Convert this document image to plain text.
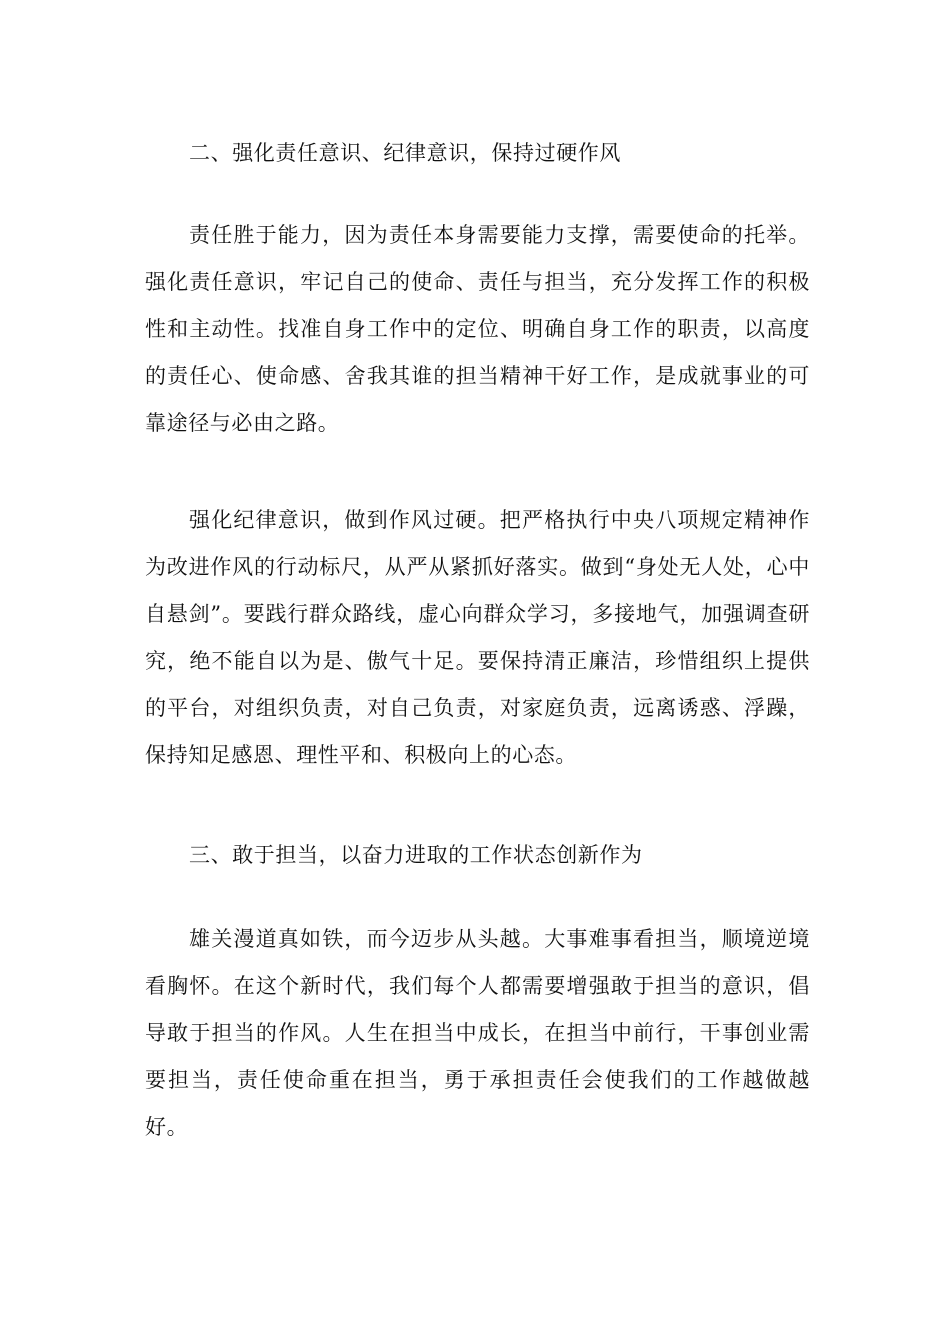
二、强化责任意识、纪律意识，保持过硬作风

责任胜于能力，因为责任本身需要能力支撑，需要使命的托举。强化责任意识，牢记自己的使命、责任与担当，充分发挥工作的积极性和主动性。找准自身工作中的定位、明确自身工作的职责，以高度的责任心、使命感、舍我其谁的担当精神干好工作，是成就事业的可靠途径与必由之路。

强化纪律意识，做到作风过硬。把严格执行中央八项规定精神作为改进作风的行动标尺，从严从紧抓好落实。做到“身处无人处，心中自悬剑”。要践行群众路线，虚心向群众学习，多接地气，加强调查研究，绝不能自以为是、傲气十足。要保持清正廉洁，珍惜组织上提供的平台，对组织负责，对自己负责，对家庭负责，远离诱惑、浮躁，保持知足感恩、理性平和、积极向上的心态。

三、敢于担当，以奋力进取的工作状态创新作为

雄关漫道真如铁，而今迈步从头越。大事难事看担当，顺境逆境看胸怀。在这个新时代，我们每个人都需要增强敢于担当的意识，倡导敢于担当的作风。人生在担当中成长，在担当中前行，干事创业需要担当，责任使命重在担当，勇于承担责任会使我们的工作越做越好。
